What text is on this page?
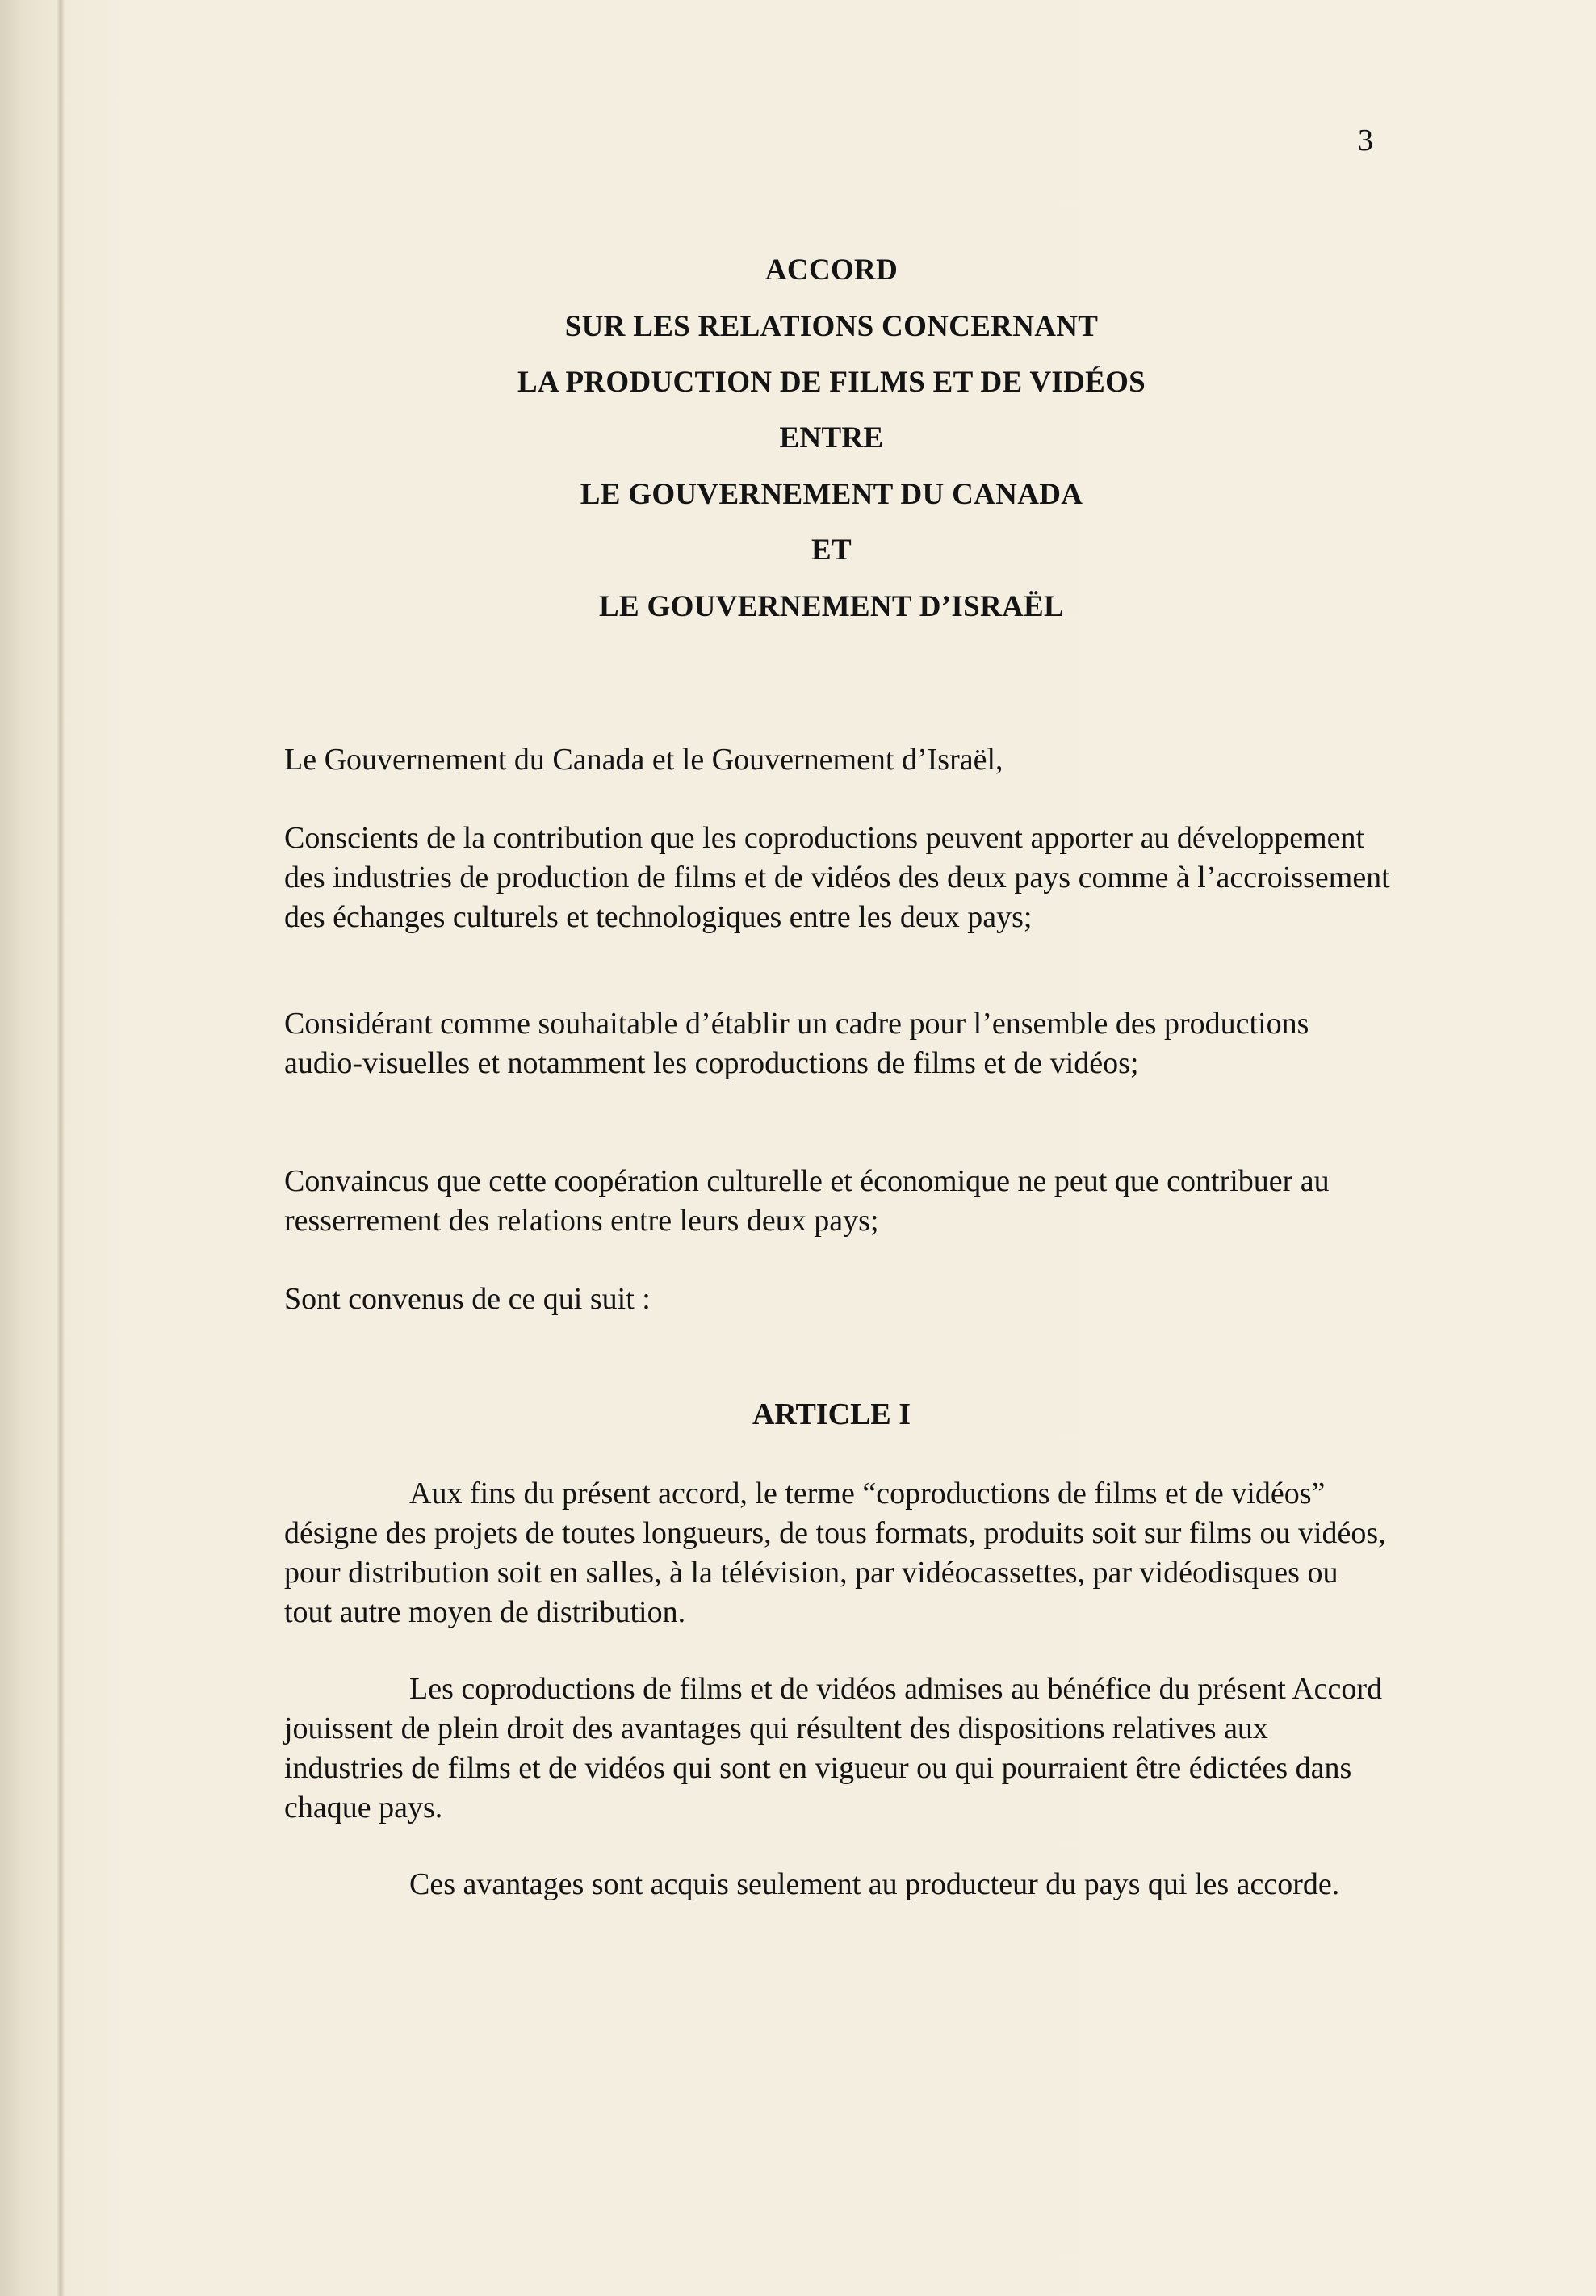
3
ACCORD
SUR LES RELATIONS CONCERNANT
LA PRODUCTION DE FILMS ET DE VIDÉOS
ENTRE
LE GOUVERNEMENT DU CANADA
ET
LE GOUVERNEMENT D’ISRAËL
Le Gouvernement du Canada et le Gouvernement d’Israël,
Conscients de la contribution que les coproductions peuvent apporter au développement des industries de production de films et de vidéos des deux pays comme à l’accroissement des échanges culturels et technologiques entre les deux pays;
Considérant comme souhaitable d’établir un cadre pour l’ensemble des productions audio-visuelles et notamment les coproductions de films et de vidéos;
Convaincus que cette coopération culturelle et économique ne peut que contribuer au resserrement des relations entre leurs deux pays;
Sont convenus de ce qui suit :
ARTICLE I
Aux fins du présent accord, le terme “coproductions de films et de vidéos” désigne des projets de toutes longueurs, de tous formats, produits soit sur films ou vidéos, pour distribution soit en salles, à la télévision, par vidéocassettes, par vidéodisques ou tout autre moyen de distribution.
Les coproductions de films et de vidéos admises au bénéfice du présent Accord jouissent de plein droit des avantages qui résultent des dispositions relatives aux industries de films et de vidéos qui sont en vigueur ou qui pourraient être édictées dans chaque pays.
Ces avantages sont acquis seulement au producteur du pays qui les accorde.
